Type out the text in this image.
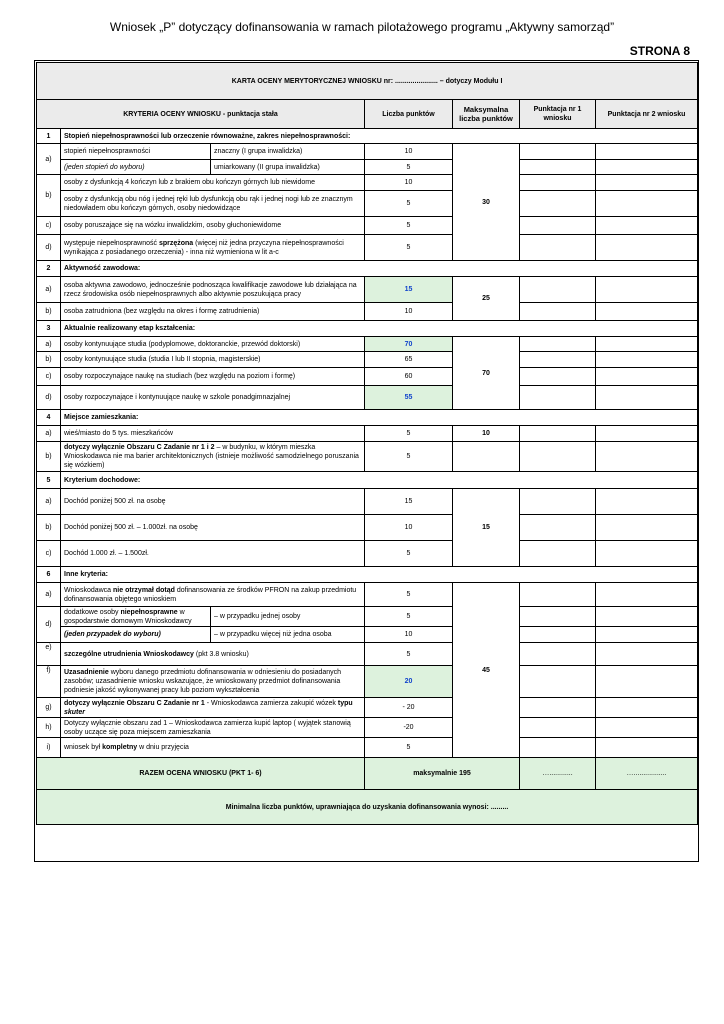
Wniosek „P” dotyczący dofinansowania w ramach pilotażowego programu „Aktywny samorząd”
STRONA 8
KARTA OCENY MERYTORYCZNEJ WNIOSKU nr: ...................... – dotyczy Modułu I						
KRYTERIA OCENY WNIOSKU - punktacja stała			Liczba punktów	Maksymalna liczba punktów	Punktacja nr 1 wniosku	Punktacja nr 2 wniosku
1	Stopień niepełnosprawności lub orzeczenie równoważne, zakres niepełnosprawności:					
a)	stopień niepełnosprawności	znaczny (I grupa inwalidzka)	10	30		
	(jeden stopień do wyboru)	umiarkowany (II grupa inwalidzka)	5			
b)	osoby z dysfunkcją 4 kończyn lub z brakiem obu kończyn górnych lub niewidome		10			
	osoby z dysfunkcją obu nóg i jednej ręki lub dysfunkcją obu rąk i jednej nogi lub ze znacznym niedowładem obu kończyn górnych, osoby niedowidzące		5			
c)	osoby poruszające się na wózku inwalidzkim, osoby głuchoniewidome		5			
d)	występuje niepełnosprawność sprzężona (więcej niż jedna przyczyna niepełnosprawności wynikająca z posiadanego orzeczenia) - inna niż wymieniona w lit a-c		5			
2	Aktywność zawodowa:					
a)	osoba aktywna zawodowo, jednocześnie podnosząca kwalifikacje zawodowe lub działająca na rzecz środowiska osób niepełnosprawnych albo aktywnie poszukująca pracy		15	25		
b)	osoba zatrudniona (bez względu na okres i formę zatrudnienia)		10			
3	Aktualnie realizowany etap kształcenia:					
a)	osoby kontynuujące studia (podyplomowe, doktoranckie, przewód doktorski)		70	70		
b)	osoby kontynuujące studia (studia I lub II stopnia, magisterskie)		65			
c)	osoby rozpoczynające naukę na studiach (bez względu na poziom i formę)		60			
d)	osoby rozpoczynające i kontynuujące naukę w szkole ponadgimnazjalnej		55			
4	Miejsce zamieszkania:					
a)	wieś/miasto do 5 tys. mieszkańców		5	10		
b)	dotyczy wyłącznie Obszaru C Zadanie nr 1 i 2 – w budynku, w którym mieszka Wnioskodawca nie ma barier architektonicznych (istnieje możliwość samodzielnego poruszania się wózkiem)		5			
5	Kryterium dochodowe:					
a)	Dochód poniżej 500 zł. na osobę		15	15		
b)	Dochód poniżej 500 zł. – 1.000zł. na osobę		10			
c)	Dochód 1.000 zł. – 1.500zł.		5			
6	Inne kryteria:					
a)	Wnioskodawca nie otrzymał dotąd dofinansowania ze środków PFRON na zakup przedmiotu dofinansowania objętego wnioskiem		5	45		
d)	dodatkowe osoby niepełnosprawne w gospodarstwie domowym Wnioskodawcy	– w przypadku jednej osoby	5			
	(jeden przypadek do wyboru)	– w przypadku więcej niż jedna osoba	10			
e)	szczególne utrudnienia Wnioskodawcy (pkt 3.8 wniosku)		5			
f)	Uzasadnienie wyboru danego przedmiotu dofinansowania w odniesieniu do posiadanych zasobów; uzasadnienie wniosku wskazujące, że wnioskowany przedmiot dofinansowania podniesie jakość wykonywanej pracy lub poziom wykształcenia		20			
g)	dotyczy wyłącznie Obszaru C Zadanie nr 1 - Wnioskodawca zamierza zakupić wózek typu skuter		- 20			
h)	Dotyczy wyłącznie obszaru zad 1 – Wnioskodawca zamierza kupić laptop ( wyjątek stanowią osoby uczące się poza miejscem zamieszkania		-20			
i)	wniosek był kompletny w dniu przyjęcia		5			
RAZEM OCENA WNIOSKU (PKT 1- 6)			maksymalnie 195		…............	….................
Minimalna liczba punktów, uprawniająca do uzyskania dofinansowania wynosi: .........						
